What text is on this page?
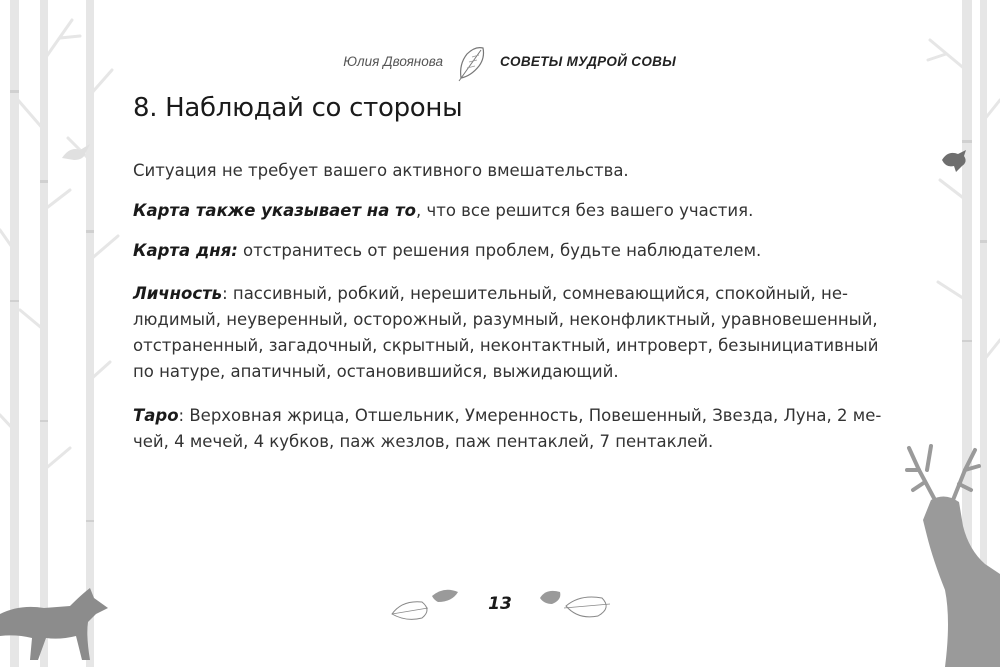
Юлия Двоянова	СОВЕТЫ МУДРОЙ СОВЫ
8. Наблюдай со стороны

Ситуация не требует вашего активного вмешательства.

Карта также указывает на то, что все решится без вашего участия.

Карта дня: отстранитесь от решения проблем, будьте наблюдателем.

Личность: пассивный, робкий, нерешительный, сомневающийся, спокойный, не-людимый, неуверенный, осторожный, разумный, неконфликтный, уравновешенный, отстраненный, загадочный, скрытный, неконтактный, интроверт, безынициативный по натуре, апатичный, остановившийся, выжидающий.

Таро: Верховная жрица, Отшельник, Умеренность, Повешенный, Звезда, Луна, 2 ме-чей, 4 мечей, 4 кубков, паж жезлов, паж пентаклей, 7 пентаклей.

13
